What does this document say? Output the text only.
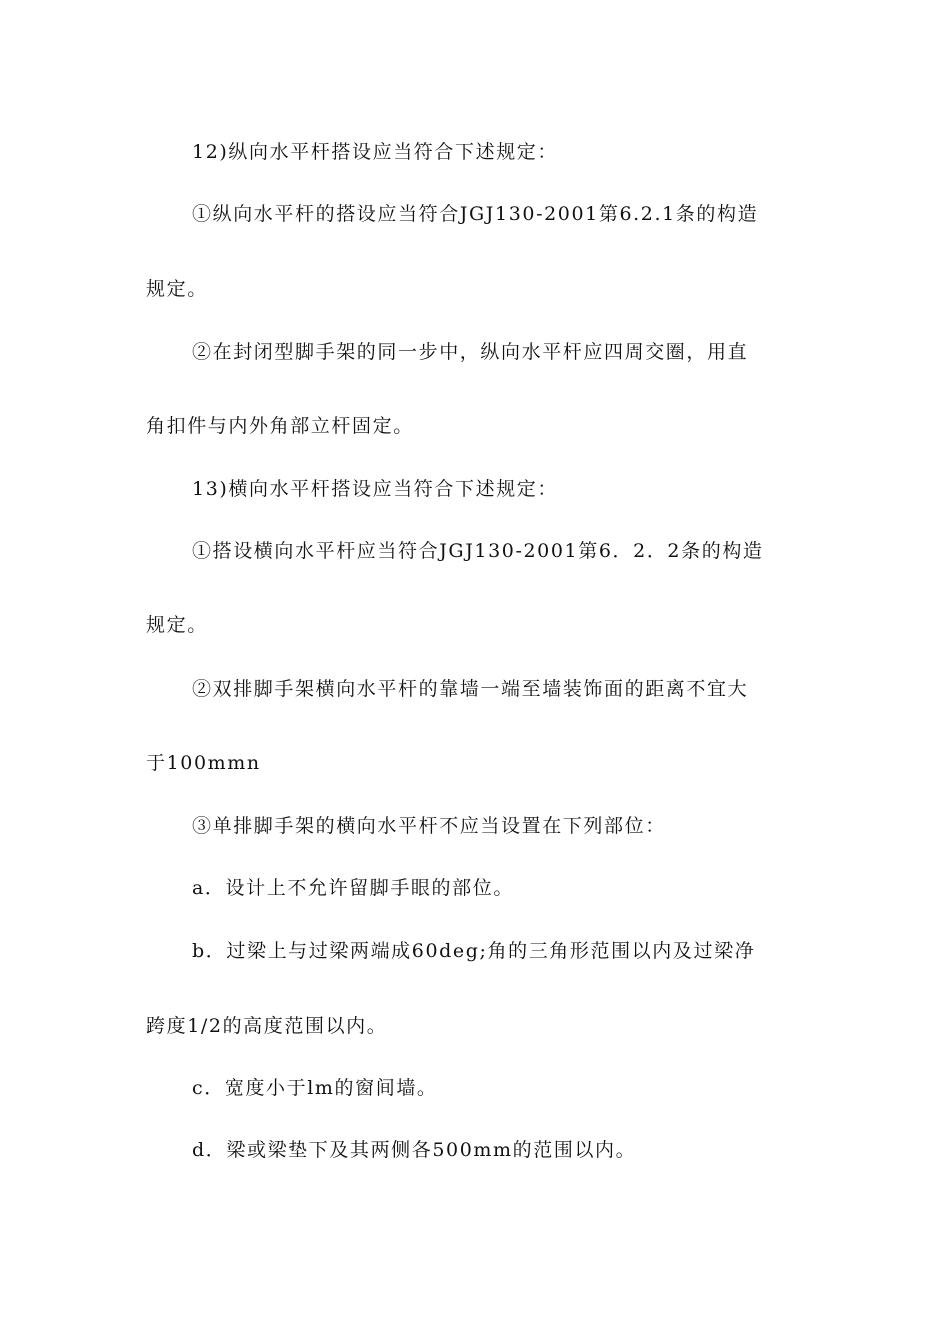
12)纵向水平杆搭设应当符合下述规定：

①纵向水平杆的搭设应当符合JGJ130-2001第6.2.1条的构造

规定。

②在封闭型脚手架的同一步中，纵向水平杆应四周交圈，用直

角扣件与内外角部立杆固定。

13)横向水平杆搭设应当符合下述规定：

①搭设横向水平杆应当符合JGJ130-2001第6．2．2条的构造

规定。

②双排脚手架横向水平杆的靠墙一端至墙装饰面的距离不宜大

于100mmn

③单排脚手架的横向水平杆不应当设置在下列部位：

a．设计上不允许留脚手眼的部位。

b．过梁上与过梁两端成60deg;角的三角形范围以内及过梁净

跨度1/2的高度范围以内。

c．宽度小于lm的窗间墙。

d．梁或梁垫下及其两侧各500mm的范围以内。
